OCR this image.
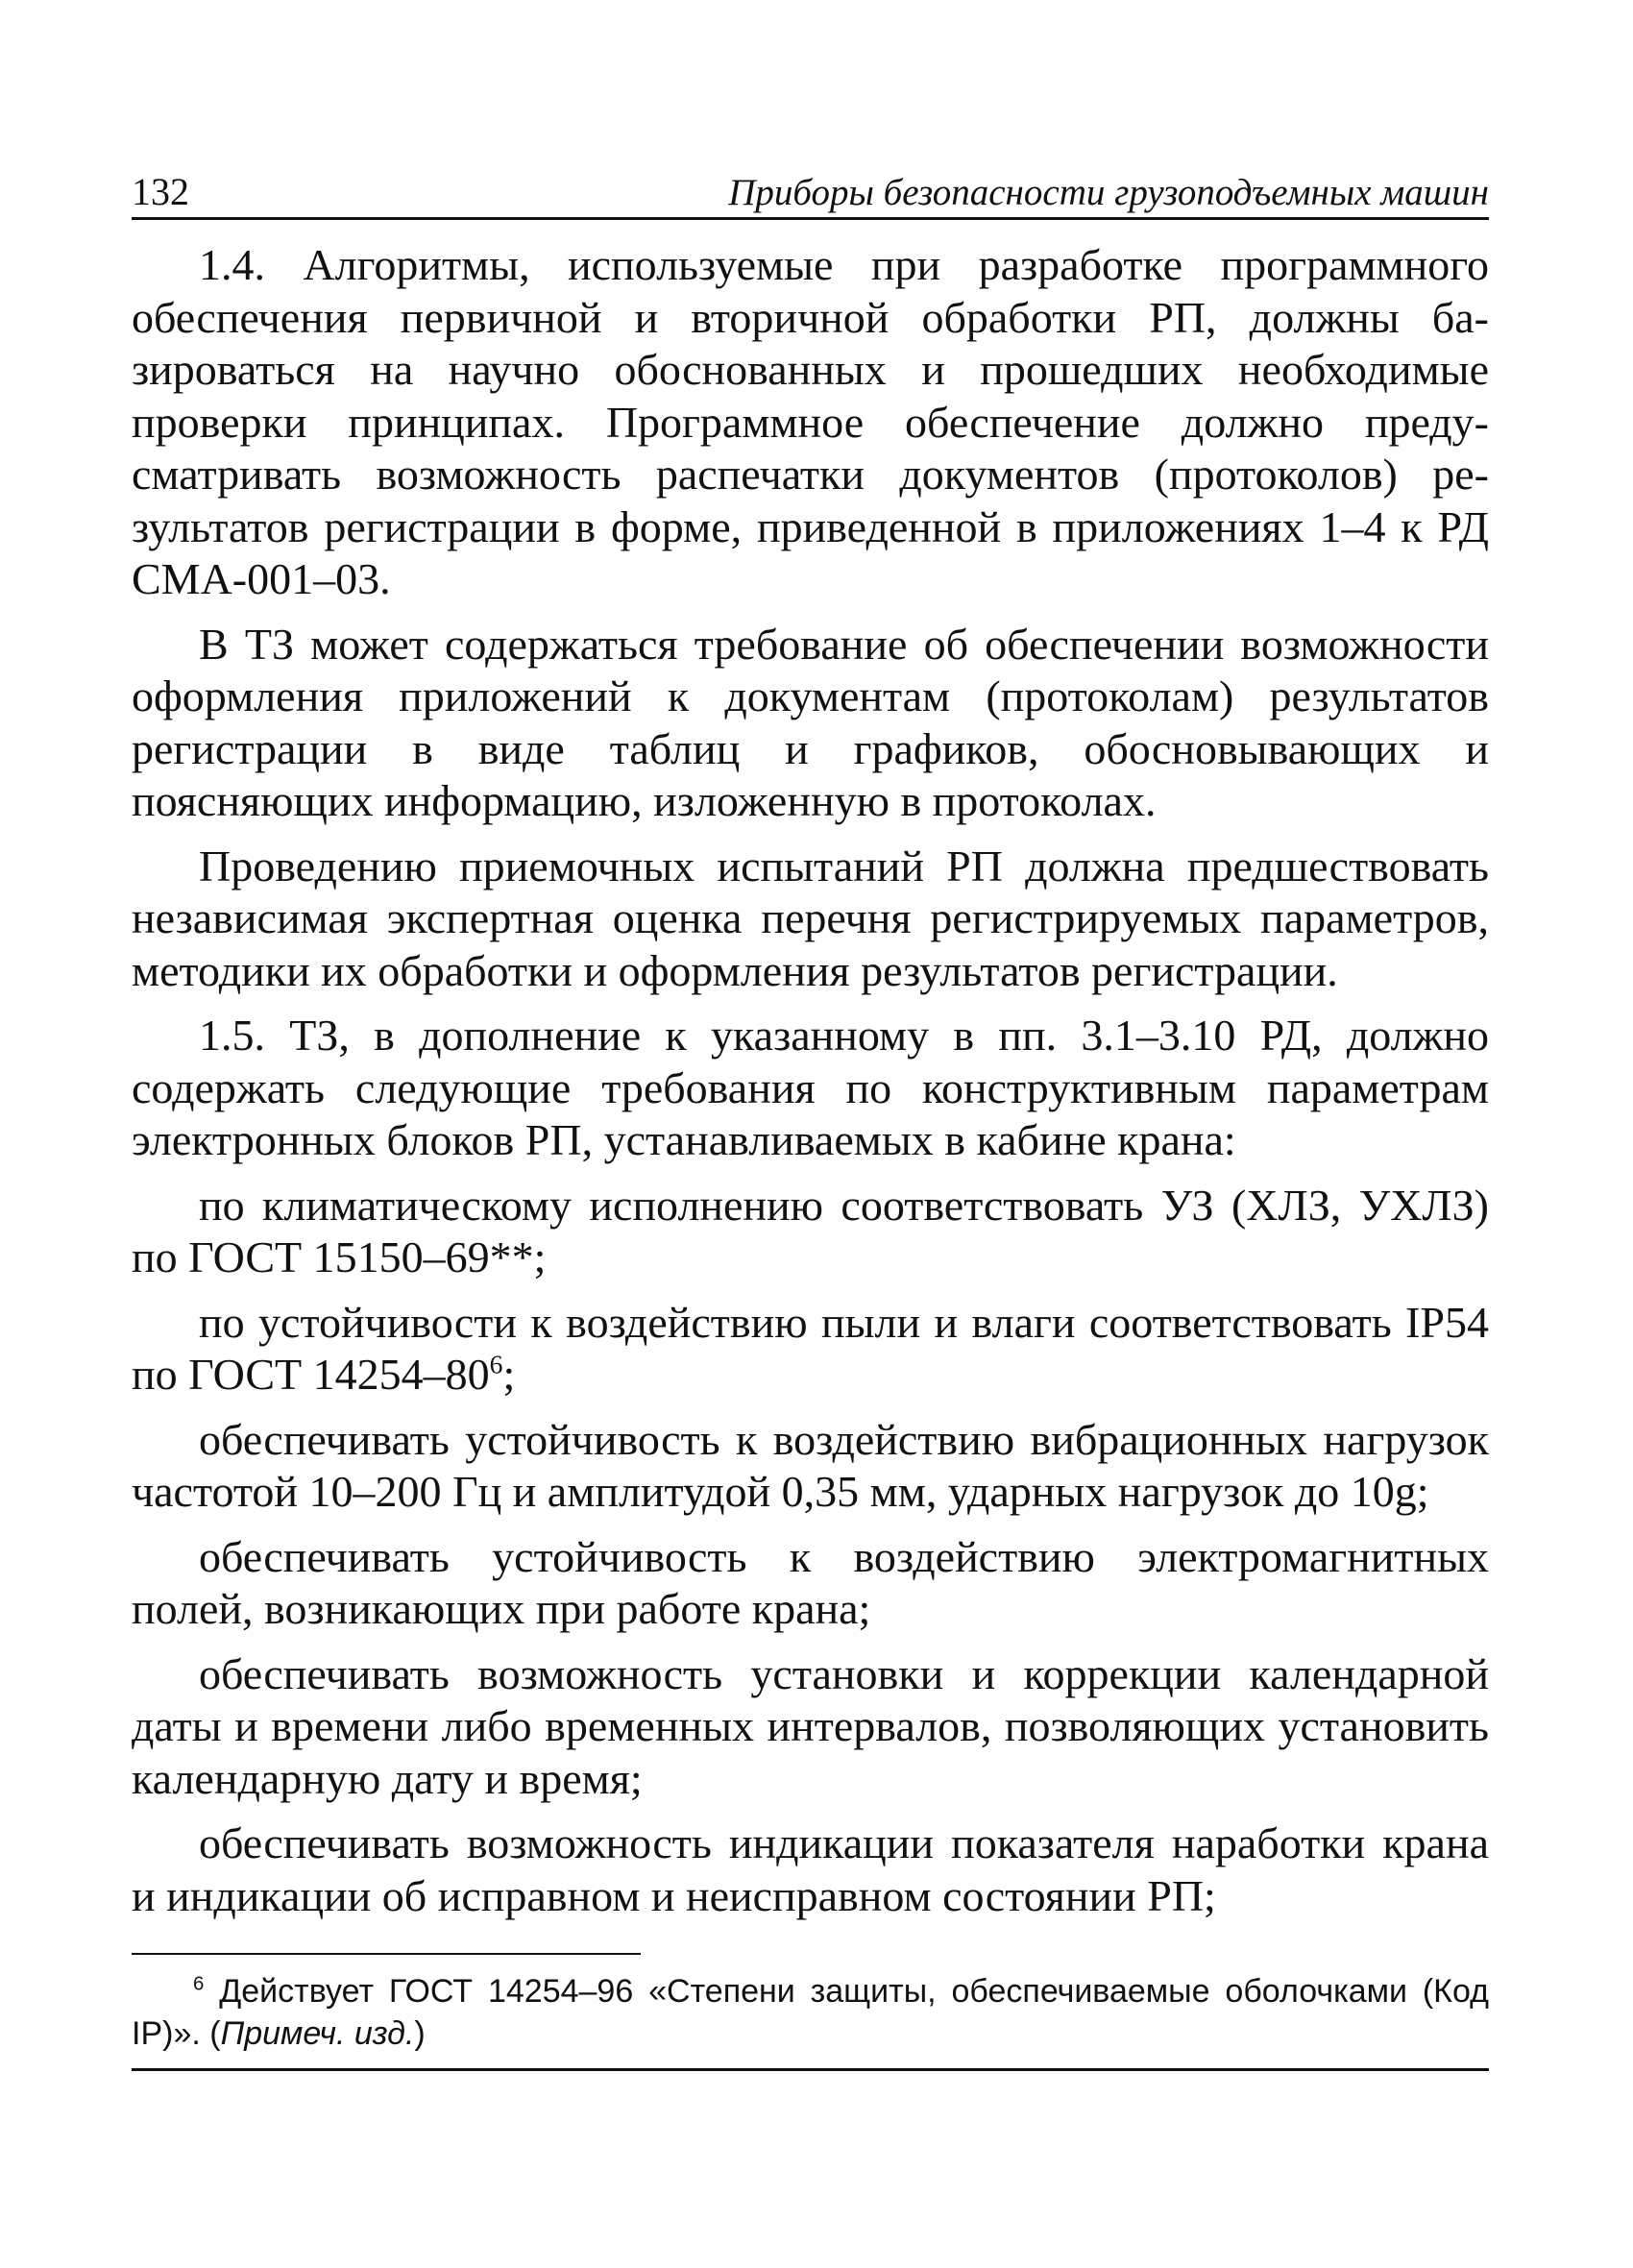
132	Приборы безопасности грузоподъемных машин

1.4. Алгоритмы, используемые при разработке программного обеспечения первичной и вторичной обработки РП, должны базироваться на научно обоснованных и прошедших необходимые проверки принципах. Программное обеспечение должно предусматривать возможность распечатки документов (протоколов) результатов регистрации в форме, приведенной в приложениях 1–4 к РД СМА-001–03.

В ТЗ может содержаться требование об обеспечении возможности оформления приложений к документам (протоколам) результатов регистрации в виде таблиц и графиков, обосновывающих и поясняющих информацию, изложенную в протоколах.

Проведению приемочных испытаний РП должна предшествовать независимая экспертная оценка перечня регистрируемых параметров, методики их обработки и оформления результатов регистрации.

1.5. ТЗ, в дополнение к указанному в пп. 3.1–3.10 РД, должно содержать следующие требования по конструктивным параметрам электронных блоков РП, устанавливаемых в кабине крана:

по климатическому исполнению соответствовать УЗ (ХЛЗ, УХЛЗ) по ГОСТ 15150–69**;

по устойчивости к воздействию пыли и влаги соответствовать IP54 по ГОСТ $14254-80^6$;

обеспечивать устойчивость к воздействию вибрационных нагрузок частотой 10–200 Гц и амплитудой 0,35 мм, ударных нагрузок до 10g;

обеспечивать устойчивость к воздействию электромагнитных полей, возникающих при работе крана;

обеспечивать возможность установки и коррекции календарной даты и времени либо временных интервалов, позволяющих установить календарную дату и время;

обеспечивать возможность индикации показателя наработки крана и индикации об исправном и неисправном состоянии РП;

$^6$ Действует ГОСТ 14254–96 «Степени защиты, обеспечиваемые оболочками (Код IP)». (Примеч. изд.)
